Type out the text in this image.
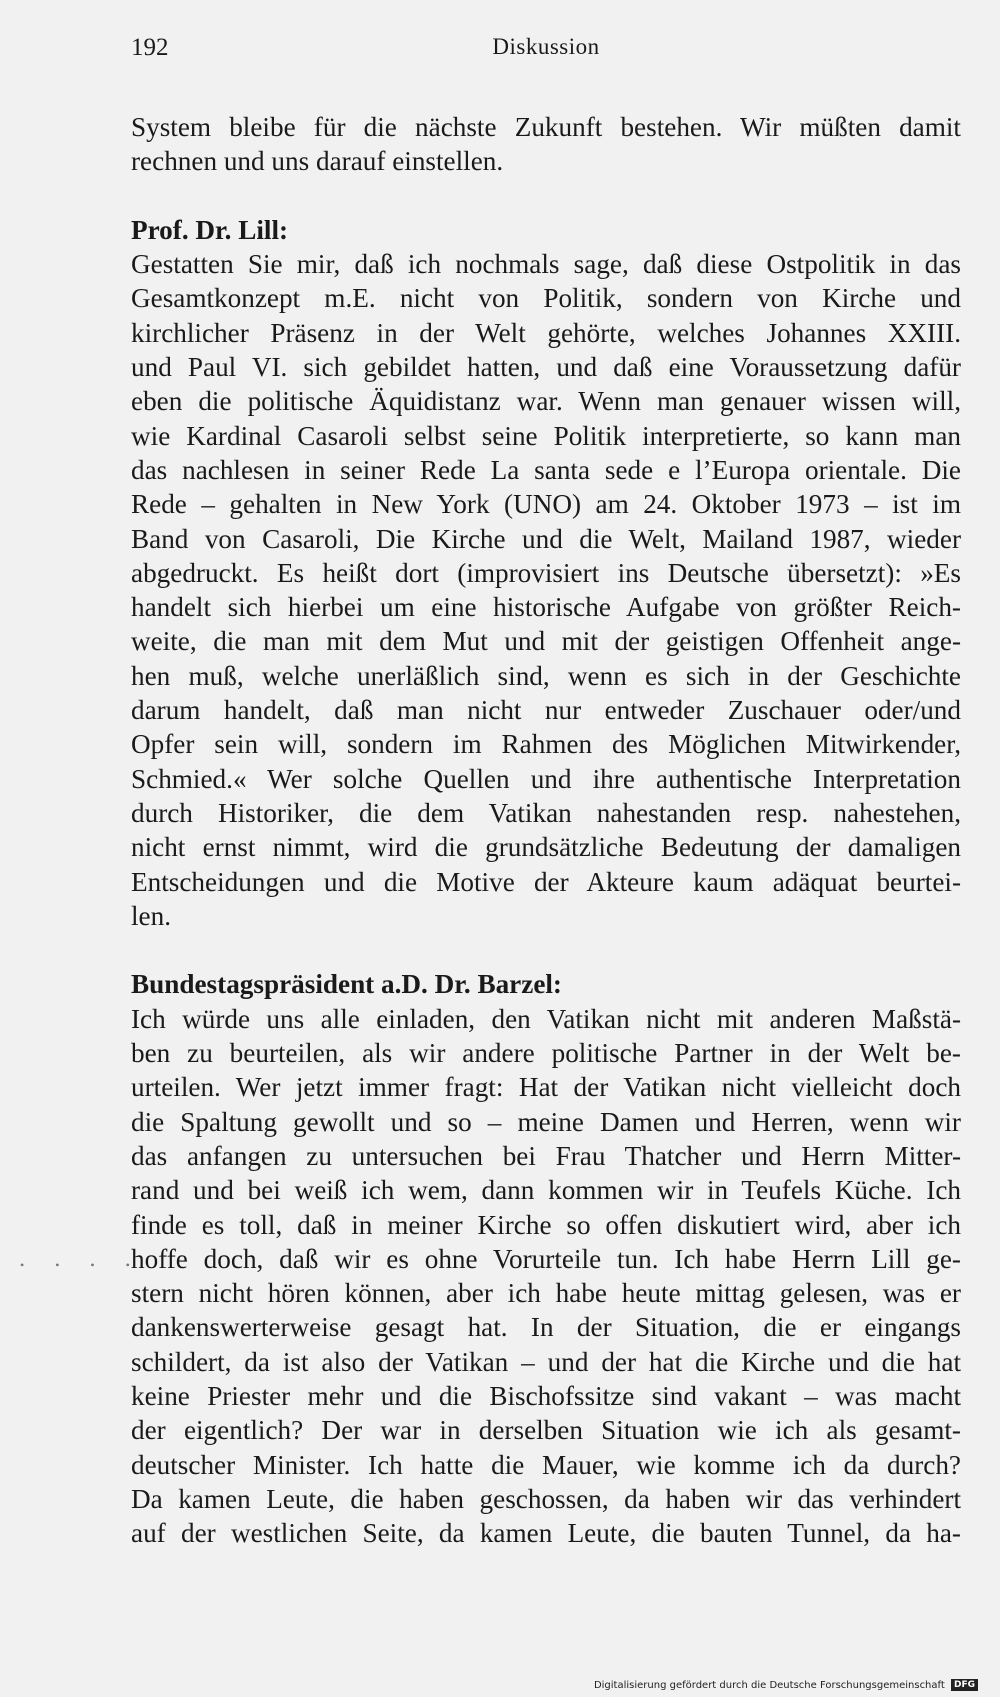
192	Diskussion
System bleibe für die nächste Zukunft bestehen. Wir müßten damit
rechnen und uns darauf einstellen.
Prof. Dr. Lill:
Gestatten Sie mir, daß ich nochmals sage, daß diese Ostpolitik in das
Gesamtkonzept m.E. nicht von Politik, sondern von Kirche und
kirchlicher Präsenz in der Welt gehörte, welches Johannes XXIII.
und Paul VI. sich gebildet hatten, und daß eine Voraussetzung dafür
eben die politische Äquidistanz war. Wenn man genauer wissen will,
wie Kardinal Casaroli selbst seine Politik interpretierte, so kann man
das nachlesen in seiner Rede La santa sede e l’Europa orientale. Die
Rede – gehalten in New York (UNO) am 24. Oktober 1973 – ist im
Band von Casaroli, Die Kirche und die Welt, Mailand 1987, wieder
abgedruckt. Es heißt dort (improvisiert ins Deutsche übersetzt): »Es
handelt sich hierbei um eine historische Aufgabe von größter Reich-
weite, die man mit dem Mut und mit der geistigen Offenheit ange-
hen muß, welche unerläßlich sind, wenn es sich in der Geschichte
darum handelt, daß man nicht nur entweder Zuschauer oder/und
Opfer sein will, sondern im Rahmen des Möglichen Mitwirkender,
Schmied.« Wer solche Quellen und ihre authentische Interpretation
durch Historiker, die dem Vatikan nahestanden resp. nahestehen,
nicht ernst nimmt, wird die grundsätzliche Bedeutung der damaligen
Entscheidungen und die Motive der Akteure kaum adäquat beurtei-
len.
Bundestagspräsident a.D. Dr. Barzel:
Ich würde uns alle einladen, den Vatikan nicht mit anderen Maßstä-
ben zu beurteilen, als wir andere politische Partner in der Welt be-
urteilen. Wer jetzt immer fragt: Hat der Vatikan nicht vielleicht doch
die Spaltung gewollt und so – meine Damen und Herren, wenn wir
das anfangen zu untersuchen bei Frau Thatcher und Herrn Mitter-
rand und bei weiß ich wem, dann kommen wir in Teufels Küche. Ich
finde es toll, daß in meiner Kirche so offen diskutiert wird, aber ich
hoffe doch, daß wir es ohne Vorurteile tun. Ich habe Herrn Lill ge-
stern nicht hören können, aber ich habe heute mittag gelesen, was er
dankenswerterweise gesagt hat. In der Situation, die er eingangs
schildert, da ist also der Vatikan – und der hat die Kirche und die hat
keine Priester mehr und die Bischofssitze sind vakant – was macht
der eigentlich? Der war in derselben Situation wie ich als gesamt-
deutscher Minister. Ich hatte die Mauer, wie komme ich da durch?
Da kamen Leute, die haben geschossen, da haben wir das verhindert
auf der westlichen Seite, da kamen Leute, die bauten Tunnel, da ha-
• • • •
Digitalisierung gefördert durch die Deutsche Forschungsgemeinschaft DFG
